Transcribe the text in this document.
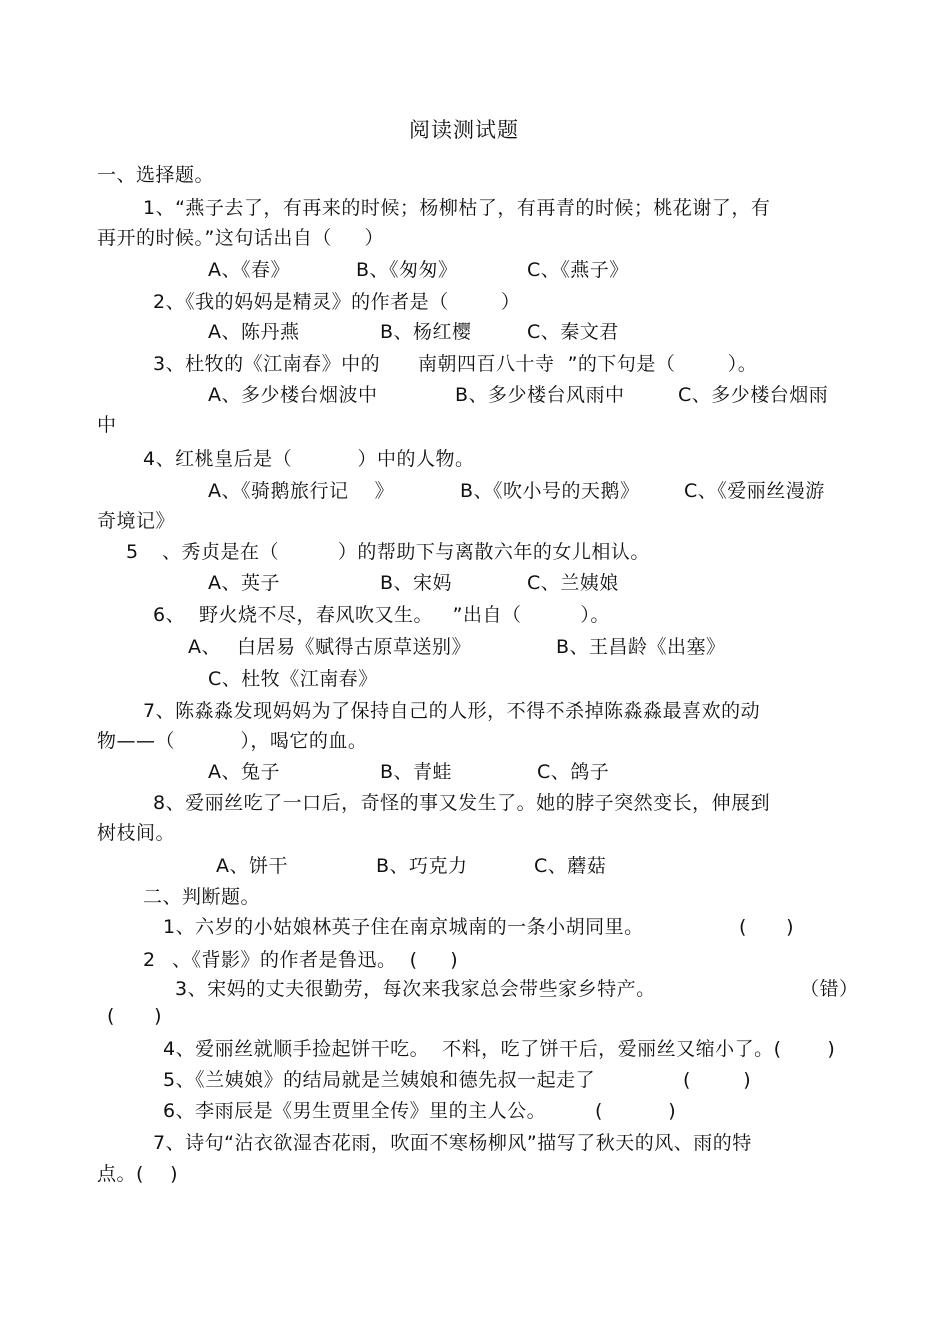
阅读测试题
一、选择题。
1、“燕子去了，有再来的时候；杨柳枯了，有再青的时候；桃花谢了，有
再开的时候。”这句话出自（     ）
A、《春》	B、《匆匆》	C、《燕子》
2、《我的妈妈是精灵》的作者是（        ）
A、陈丹燕	B、杨红樱	C、秦文君
3、杜牧的《江南春》中的 南朝四百八十寺  ”的下句是（        ）。
A、多少楼台烟波中	B、多少楼台风雨中	C、多少楼台烟雨
中
4、红桃皇后是（          ）中的人物。
A、《骑鹅旅行记    》	B、《吹小号的天鹅》 C、《爱丽丝漫游
奇境记》
5 、秀贞是在（         ）的帮助下与离散六年的女儿相认。
A、英子	B、宋妈	C、兰姨娘
6、 野火烧不尽，春风吹又生。   ”出自（         ）。
A、 白居易《赋得古原草送别》	B、王昌龄《出塞》
C、杜牧《江南春》
7、陈淼淼发现妈妈为了保持自己的人形，不得不杀掉陈淼淼最喜欢的动
物——（          ），喝它的血。
A、兔子	B、青蛙	C、鸽子
8、爱丽丝吃了一口后，奇怪的事又发生了。她的脖子突然变长，伸展到
树枝间。
A、饼干	B、巧克力	C、蘑菇
二、判断题。
1、六岁的小姑娘林英子住在南京城南的一条小胡同里。	(      )
2 、《背影》的作者是鲁迅。  (     )
3、宋妈的丈夫很勤劳，每次来我家总会带些家乡特产。	（错）
(      )
4、爱丽丝就顺手捡起饼干吃。  不料，吃了饼干后，爱丽丝又缩小了。(       )
5、《兰姨娘》的结局就是兰姨娘和德先叔一起走了	(        )
6、李雨辰是《男生贾里全传》里的主人公。	(          )
7、诗句“沾衣欲湿杏花雨，吹面不寒杨柳风”描写了秋天的风、雨的特
点。(    )
